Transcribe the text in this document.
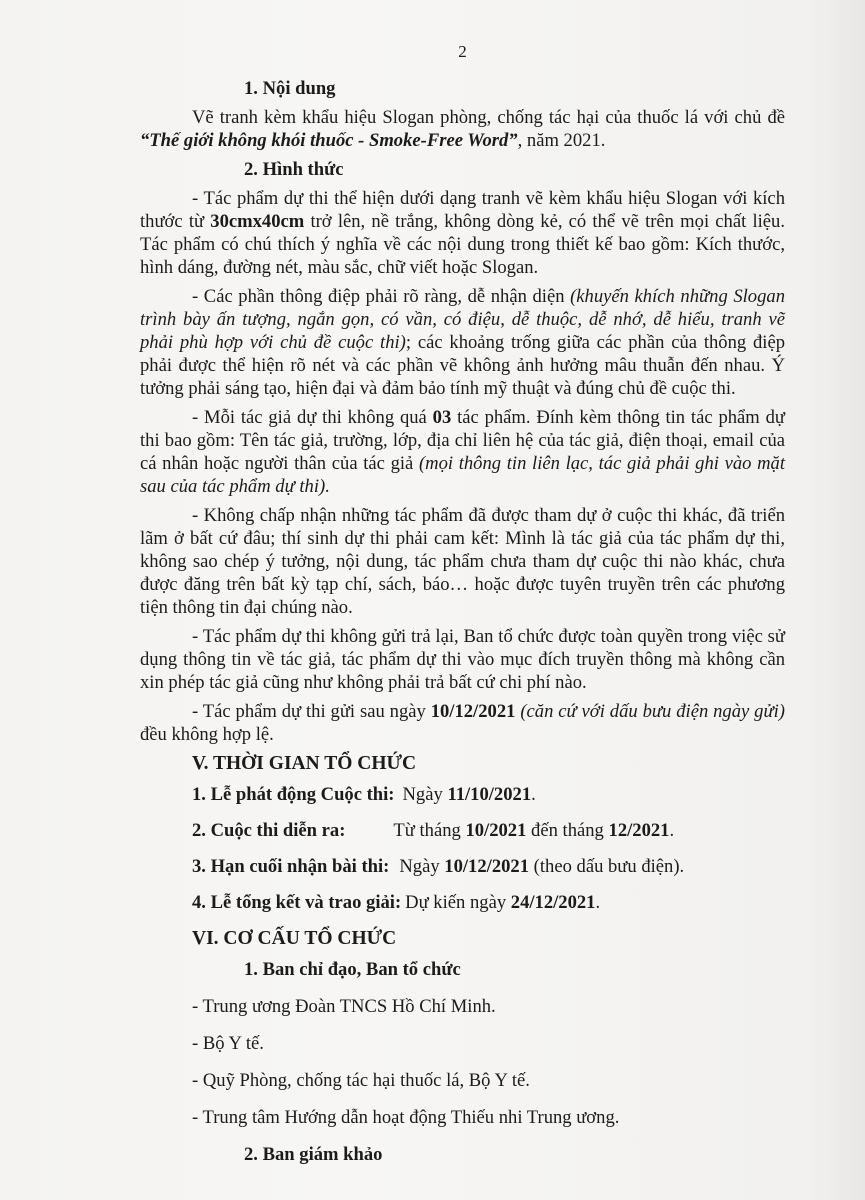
2

1. Nội dung

Vẽ tranh kèm khẩu hiệu Slogan phòng, chống tác hại của thuốc lá với chủ đề “Thế giới không khói thuốc - Smoke-Free Word”, năm 2021.

2. Hình thức

- Tác phẩm dự thi thể hiện dưới dạng tranh vẽ kèm khẩu hiệu Slogan với kích thước từ 30cmx40cm trở lên, nề trắng, không dòng kẻ, có thể vẽ trên mọi chất liệu. Tác phẩm có chú thích ý nghĩa về các nội dung trong thiết kế bao gồm: Kích thước, hình dáng, đường nét, màu sắc, chữ viết hoặc Slogan.

- Các phần thông điệp phải rõ ràng, dễ nhận diện (khuyến khích những Slogan trình bày ấn tượng, ngắn gọn, có vần, có điệu, dễ thuộc, dễ nhớ, dễ hiểu, tranh vẽ phải phù hợp với chủ đề cuộc thi); các khoảng trống giữa các phần của thông điệp phải được thể hiện rõ nét và các phần vẽ không ảnh hưởng mâu thuẫn đến nhau. Ý tưởng phải sáng tạo, hiện đại và đảm bảo tính mỹ thuật và đúng chủ đề cuộc thi.

- Mỗi tác giả dự thi không quá 03 tác phẩm. Đính kèm thông tin tác phẩm dự thi bao gồm: Tên tác giả, trường, lớp, địa chỉ liên hệ của tác giả, điện thoại, email của cá nhân hoặc người thân của tác giả (mọi thông tin liên lạc, tác giả phải ghi vào mặt sau của tác phẩm dự thi).

- Không chấp nhận những tác phẩm đã được tham dự ở cuộc thi khác, đã triển lãm ở bất cứ đâu; thí sinh dự thi phải cam kết: Mình là tác giả của tác phẩm dự thi, không sao chép ý tưởng, nội dung, tác phẩm chưa tham dự cuộc thi nào khác, chưa được đăng trên bất kỳ tạp chí, sách, báo… hoặc được tuyên truyền trên các phương tiện thông tin đại chúng nào.

- Tác phẩm dự thi không gửi trả lại, Ban tổ chức được toàn quyền trong việc sử dụng thông tin về tác giả, tác phẩm dự thi vào mục đích truyền thông mà không cần xin phép tác giả cũng như không phải trả bất cứ chi phí nào.

- Tác phẩm dự thi gửi sau ngày 10/12/2021 (căn cứ với dấu bưu điện ngày gửi) đều không hợp lệ.

V. THỜI GIAN TỔ CHỨC

1. Lễ phát động Cuộc thi: Ngày 11/10/2021.
2. Cuộc thi diễn ra:	Từ tháng 10/2021 đến tháng 12/2021.
3. Hạn cuối nhận bài thi: Ngày 10/12/2021 (theo dấu bưu điện).
4. Lễ tổng kết và trao giải: Dự kiến ngày 24/12/2021.

VI. CƠ CẤU TỔ CHỨC

1. Ban chỉ đạo, Ban tổ chức

- Trung ương Đoàn TNCS Hồ Chí Minh.
- Bộ Y tế.
- Quỹ Phòng, chống tác hại thuốc lá, Bộ Y tế.
- Trung tâm Hướng dẫn hoạt động Thiếu nhi Trung ương.

2. Ban giám khảo
